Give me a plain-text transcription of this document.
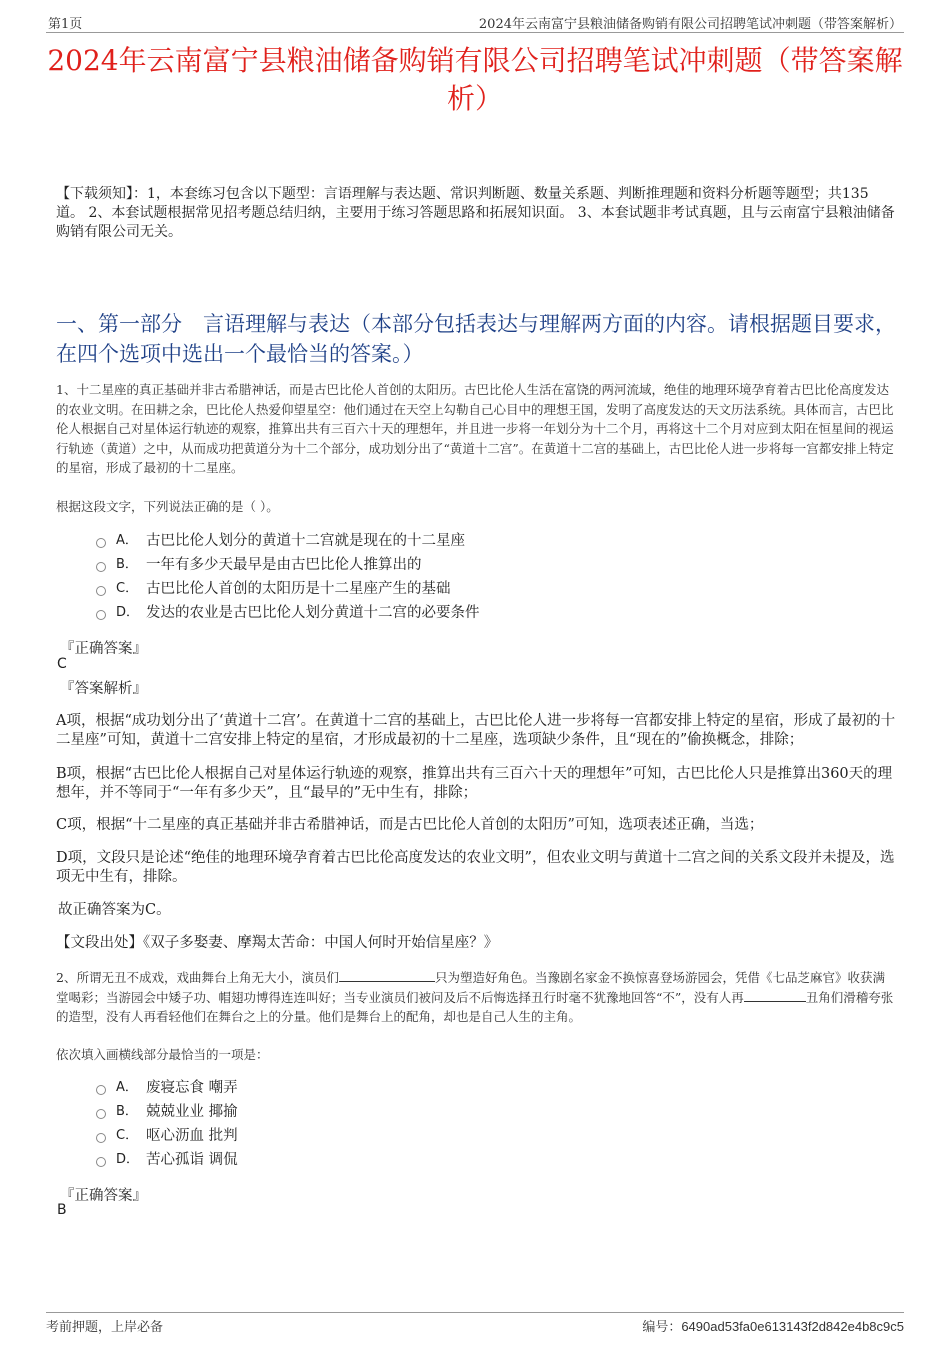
第1页	2024年云南富宁县粮油储备购销有限公司招聘笔试冲刺题（带答案解析）
2024年云南富宁县粮油储备购销有限公司招聘笔试冲刺题（带答案解析）
【下载须知】：1，本套练习包含以下题型：言语理解与表达题、常识判断题、数量关系题、判断推理题和资料分析题等题型；共135道。 2、本套试题根据常见招考题总结归纳，主要用于练习答题思路和拓展知识面。 3、本套试题非考试真题，且与云南富宁县粮油储备购销有限公司无关。
一、第一部分　言语理解与表达（本部分包括表达与理解两方面的内容。请根据题目要求，在四个选项中选出一个最恰当的答案。）
1、十二星座的真正基础并非古希腊神话，而是古巴比伦人首创的太阳历。古巴比伦人生活在富饶的两河流域，绝佳的地理环境孕育着古巴比伦高度发达的农业文明。在田耕之余，巴比伦人热爱仰望星空：他们通过在天空上勾勒自己心目中的理想王国，发明了高度发达的天文历法系统。具体而言，古巴比伦人根据自己对星体运行轨迹的观察，推算出共有三百六十天的理想年，并且进一步将一年划分为十二个月，再将这十二个月对应到太阳在恒星间的视运行轨迹（黄道）之中，从而成功把黄道分为十二个部分，成功划分出了“黄道十二宫”。在黄道十二宫的基础上，古巴比伦人进一步将每一宫都安排上特定的星宿，形成了最初的十二星座。
根据这段文字，下列说法正确的是（ ）。
A． 古巴比伦人划分的黄道十二宫就是现在的十二星座
B． 一年有多少天最早是由古巴比伦人推算出的
C． 古巴比伦人首创的太阳历是十二星座产生的基础
D． 发达的农业是古巴比伦人划分黄道十二宫的必要条件
『正确答案』
C
『答案解析』
A项，根据“成功划分出了‘黄道十二宫’。在黄道十二宫的基础上，古巴比伦人进一步将每一宫都安排上特定的星宿，形成了最初的十二星座”可知，黄道十二宫安排上特定的星宿，才形成最初的十二星座，选项缺少条件，且“现在的”偷换概念，排除；
B项，根据“古巴比伦人根据自己对星体运行轨迹的观察，推算出共有三百六十天的理想年”可知，古巴比伦人只是推算出360天的理想年，并不等同于“一年有多少天”，且“最早的”无中生有，排除；
C项，根据“十二星座的真正基础并非古希腊神话，而是古巴比伦人首创的太阳历”可知，选项表述正确，当选；
D项，文段只是论述“绝佳的地理环境孕育着古巴比伦高度发达的农业文明”，但农业文明与黄道十二宫之间的关系文段并未提及，选项无中生有，排除。
故正确答案为C。
【文段出处】《双子多娶妻、摩羯太苦命：中国人何时开始信星座？》
2、所谓无丑不成戏，戏曲舞台上角无大小，演员们	只为塑造好角色。当豫剧名家金不换惊喜登场游园会，凭借《七品芝麻官》收获满堂喝彩；当游园会中矮子功、帽翅功博得连连叫好；当专业演员们被问及后不后悔选择丑行时毫不犹豫地回答“不”，没有人再	丑角们滑稽夸张的造型，没有人再看轻他们在舞台之上的分量。他们是舞台上的配角，却也是自己人生的主角。
依次填入画横线部分最恰当的一项是：
A． 废寝忘食 嘲弄
B． 兢兢业业 揶揄
C． 呕心沥血 批判
D． 苦心孤诣 调侃
『正确答案』
B
考前押题，上岸必备	编号：6490ad53fa0e613143f2d842e4b8c9c5
